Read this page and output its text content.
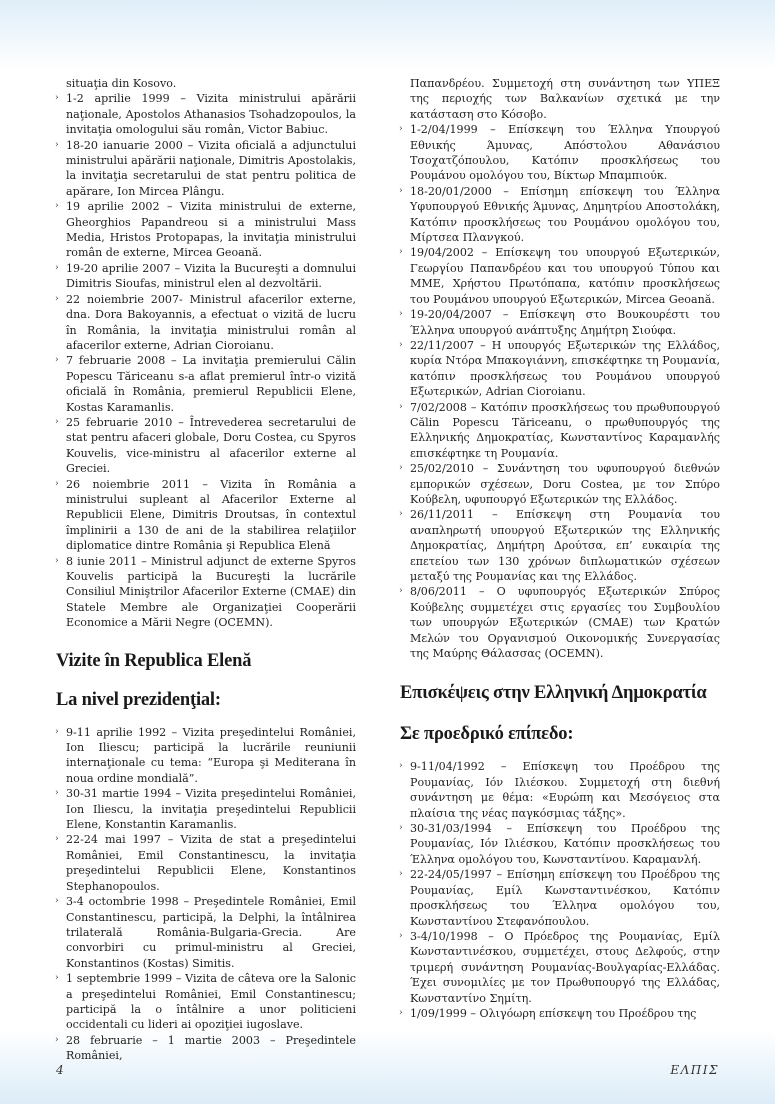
situaţia din Kosovo.

› 1-2 aprilie 1999 – Vizita ministrului apărării naţionale, Apostolos Athanasios Tsohadzopoulos, la invitaţia omologului său român, Victor Babiuc.

› 18-20 ianuarie 2000 – Vizita oficială a adjunctului ministrului apărării naţionale, Dimitris Apostolakis, la invitaţia secretarului de stat pentru politica de apărare, Ion Mircea Plângu.

› 19 aprilie 2002 – Vizita ministrului de externe, Gheorghios Papandreou si a ministrului Mass Media, Hristos Protopapas, la invitaţia ministrului român de externe, Mircea Geoană.

› 19-20 aprilie 2007 – Vizita la Bucureşti a domnului Dimitris Sioufas, ministrul elen al dezvoltării.

› 22 noiembrie 2007- Ministrul afacerilor externe, dna. Dora Bakoyannis, a efectuat o vizită de lucru în România, la invitaţia ministrului român al afacerilor externe, Adrian Cioroianu.

› 7 februarie 2008 – La invitaţia premierului Călin Popescu Tăriceanu s-a aflat premierul într-o vizită oficială în România, premierul Republicii Elene, Kostas Karamanlis.

› 25 februarie 2010 – Întrevederea secretarului de stat pentru afaceri globale, Doru Costea, cu Spyros Kouvelis, vice-ministru al afacerilor externe al Greciei.

› 26 noiembrie 2011 – Vizita în România a ministrului supleant al Afacerilor Externe al Republicii Elene, Dimitris Droutsas, în contextul împlinirii a 130 de ani de la stabilirea relaţiilor diplomatice dintre România şi Republica Elenă

› 8 iunie 2011 – Ministrul adjunct de externe Spyros Kouvelis participă la Bucureşti la lucrările Consiliul Miniştrilor Afacerilor Externe (CMAE) din Statele Membre ale Organizaţiei Cooperării Economice a Mării Negre (OCEMN).

Vizite în Republica Elenă
La nivel prezidenţial:

› 9-11 aprilie 1992 – Vizita preşedintelui României, Ion Iliescu; participă la lucrările reuniunii internaţionale cu tema: “Europa şi Mediterana în noua ordine mondială”.

› 30-31 martie 1994 – Vizita preşedintelui României, Ion Iliescu, la invitaţia preşedintelui Republicii Elene, Konstantin Karamanlis.

› 22-24 mai 1997 – Vizita de stat a preşedintelui României, Emil Constantinescu, la invitaţia preşedintelui Republicii Elene, Konstantinos Stephanopoulos.

› 3-4 octombrie 1998 – Preşedintele României, Emil Constantinescu, participă, la Delphi, la întâlnirea trilaterală România-Bulgaria-Grecia. Are convorbiri cu primul-ministru al Greciei, Konstantinos (Kostas) Simitis.

› 1 septembrie 1999 – Vizita de câteva ore la Salonic a preşedintelui României, Emil Constantinescu; participă la o întâlnire a unor politicieni occidentali cu lideri ai opoziţiei iugoslave.

› 28 februarie – 1 martie 2003 – Preşedintele României,

Παπανδρέου. Συμμετοχή στη συνάντηση των ΥΠΕΞ της περιοχής των Βαλκανίων σχετικά με την κατάσταση στο Κόσοβο.

› 1-2/04/1999 – Επίσκεψη του Έλληνα Υπουργού Εθνικής Άμυνας, Απόστολου Αθανάσιου Τσοχατζόπουλου, Κατόπιν προσκλήσεως του Ρουμάνου ομολόγου του, Βίκτωρ Μπαμπιούκ.

› 18-20/01/2000 – Επίσημη επίσκεψη του Έλληνα Υφυπουργού Εθνικής Άμυνας, Δημητρίου Αποστολάκη, Κατόπιν προσκλήσεως του Ρουμάνου ομολόγου του, Μίρτσεα Πλανγκού.

› 19/04/2002 – Επίσκεψη του υπουργού Εξωτερικών, Γεωργίου Παπανδρέου και του υπουργού Τύπου και ΜΜΕ, Χρήστου Πρωτόπαπα, κατόπιν προσκλήσεως του Ρουμάνου υπουργού Εξωτερικών, Mircea Geoană.

› 19-20/04/2007 – Επίσκεψη στο Βουκουρέστι του Έλληνα υπουργού ανάπτυξης Δημήτρη Σιούφα.

› 22/11/2007 – Η υπουργός Εξωτερικών της Ελλάδος, κυρία Ντόρα Μπακογιάννη, επισκέφτηκε τη Ρουμανία, κατόπιν προσκλήσεως του Ρουμάνου υπουργού Εξωτερικών, Adrian Cioroianu.

› 7/02/2008 – Κατόπιν προσκλήσεως του πρωθυπουργού Călin Popescu Tăriceanu, ο πρωθυπουργός της Ελληνικής Δημοκρατίας, Κωνσταντίνος Καραμανλής επισκέφτηκε τη Ρουμανία.

› 25/02/2010 – Συνάντηση του υφυπουργού διεθνών εμπορικών σχέσεων, Doru Costea, με τον Σπύρο Κούβελη, υφυπουργό Εξωτερικών της Ελλάδος.

› 26/11/2011 – Επίσκεψη στη Ρουμανία του αναπληρωτή υπουργού Εξωτερικών της Ελληνικής Δημοκρατίας, Δημήτρη Δρούτσα, επ’ ευκαιρία της επετείου των 130 χρόνων διπλωματικών σχέσεων μεταξύ της Ρουμανίας και της Ελλάδος.

› 8/06/2011 – Ο υφυπουργός Εξωτερικών Σπύρος Κούβελης συμμετέχει στις εργασίες του Συμβουλίου των υπουργών Εξωτερικών (CMAE) των Κρατών Μελών του Οργανισμού Οικονομικής Συνεργασίας της Μαύρης Θάλασσας (OCEMN).

Επισκέψεις στην Ελληνική Δημοκρατία
Σε προεδρικό επίπεδο:

› 9-11/04/1992 – Επίσκεψη του Προέδρου της Ρουμανίας, Ιόν Ιλιέσκου. Συμμετοχή στη διεθνή συνάντηση με θέμα: «Ευρώπη και Μεσόγειος στα πλαίσια της νέας παγκόσμιας τάξης».

› 30-31/03/1994 – Επίσκεψη του Προέδρου της Ρουμανίας, Ιόν Ιλιέσκου, Κατόπιν προσκλήσεως του Έλληνα ομολόγου του, Κωνσταντίνου. Καραμανλή.

› 22-24/05/1997 – Επίσημη επίσκεψη του Προέδρου της Ρουμανίας, Εμίλ Κωνσταντινέσκου, Κατόπιν προσκλήσεως του Έλληνα ομολόγου του, Κωνσταντίνου Στεφανόπουλου.

› 3-4/10/1998 – Ο Πρόεδρος της Ρουμανίας, Εμίλ Κωνσταντινέσκου, συμμετέχει, στους Δελφούς, στην τριμερή συνάντηση Ρουμανίας-Βουλγαρίας-Ελλάδας. Έχει συνομιλίες με τον Πρωθυπουργό της Ελλάδας, Κωνσταντίνο Σημίτη.

› 1/09/1999 – Ολιγόωρη επίσκεψη του Προέδρου της

4	ΕΛΠΙΣ
